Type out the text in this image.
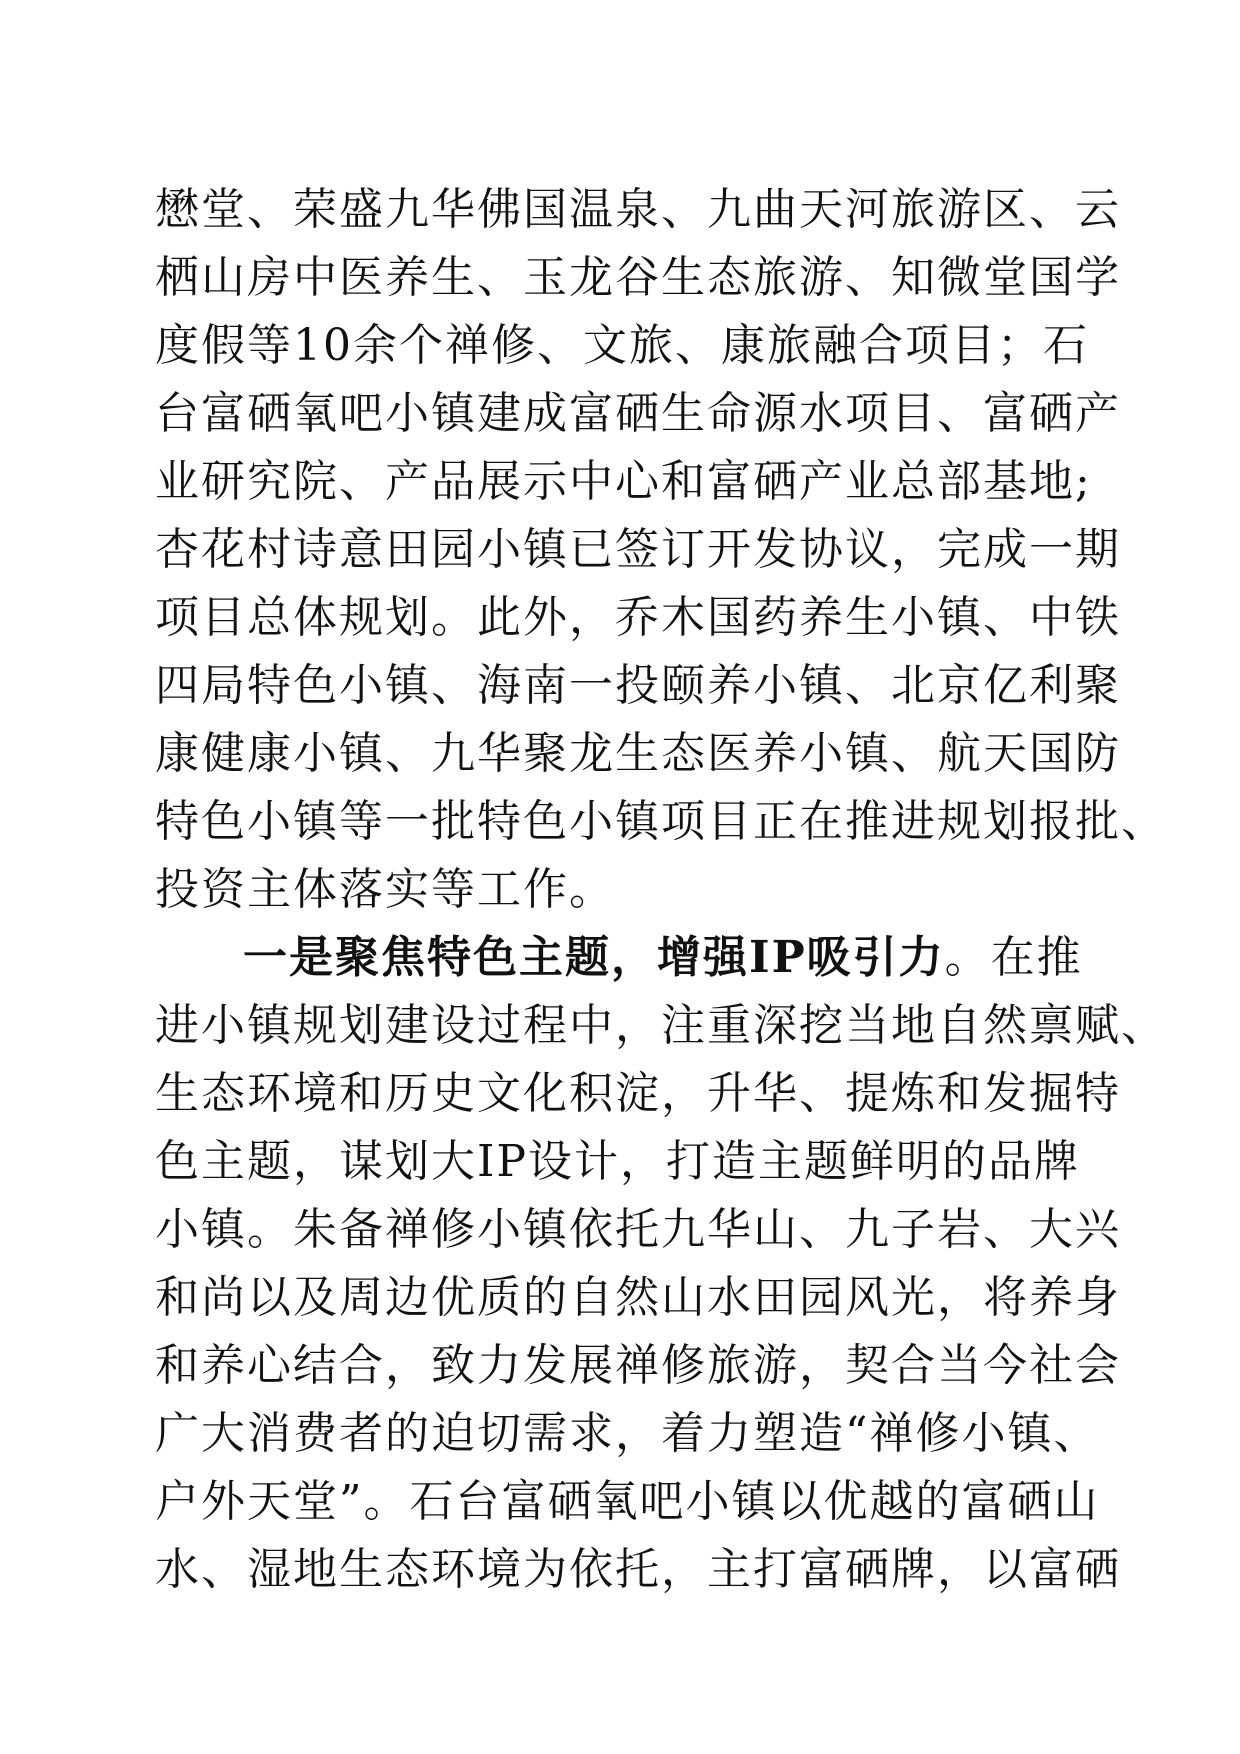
懋堂、荣盛九华佛国温泉、九曲天河旅游区、云
栖山房中医养生、玉龙谷生态旅游、知微堂国学
度假等10余个禅修、文旅、康旅融合项目；石
台富硒氧吧小镇建成富硒生命源水项目、富硒产
业研究院、产品展示中心和富硒产业总部基地;
杏花村诗意田园小镇已签订开发协议，完成一期
项目总体规划。此外，乔木国药养生小镇、中铁
四局特色小镇、海南一投颐养小镇、北京亿利聚
康健康小镇、九华聚龙生态医养小镇、航天国防
特色小镇等一批特色小镇项目正在推进规划报批、
投资主体落实等工作。
一是聚焦特色主题，增强IP吸引力。在推
进小镇规划建设过程中，注重深挖当地自然禀赋、
生态环境和历史文化积淀，升华、提炼和发掘特
色主题，谋划大IP设计，打造主题鲜明的品牌
小镇。朱备禅修小镇依托九华山、九子岩、大兴
和尚以及周边优质的自然山水田园风光，将养身
和养心结合，致力发展禅修旅游，契合当今社会
广大消费者的迫切需求，着力塑造“禅修小镇、
户外天堂”。石台富硒氧吧小镇以优越的富硒山
水、湿地生态环境为依托，主打富硒牌，以富硒
